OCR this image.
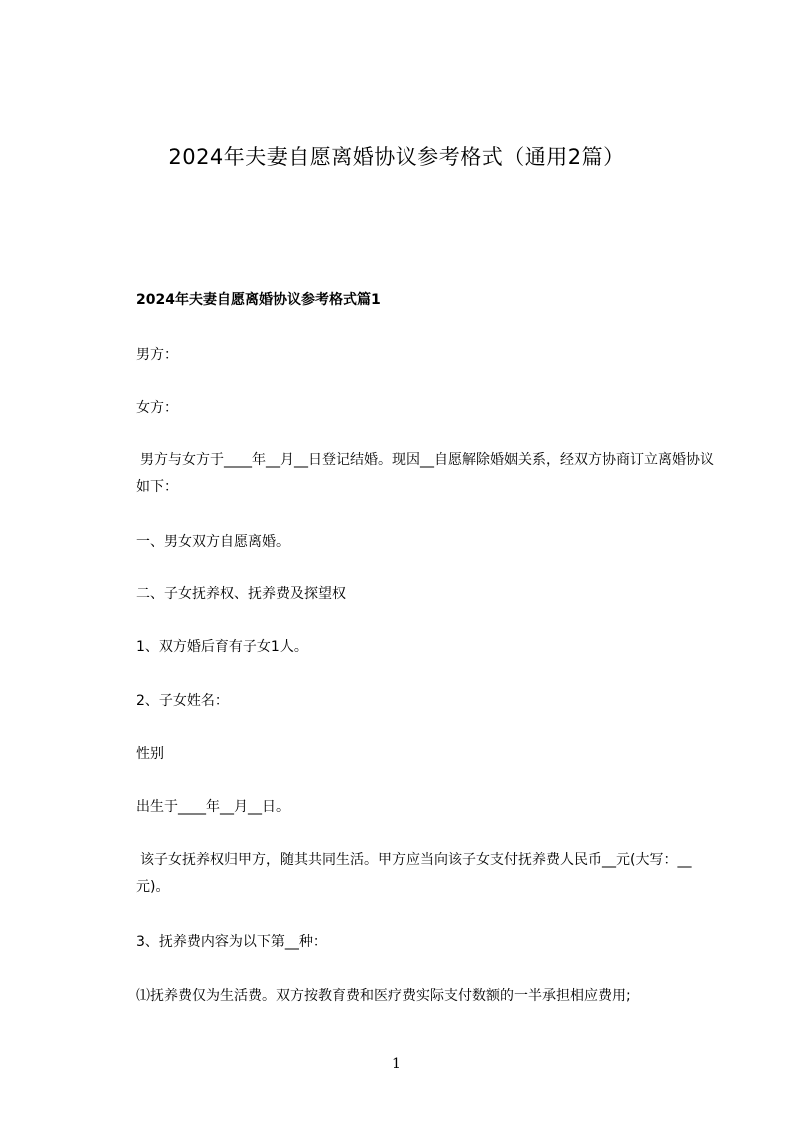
2024年夫妻自愿离婚协议参考格式（通用2篇）
2024年夫妻自愿离婚协议参考格式篇1
男方：
女方：
男方与女方于____年__月__日登记结婚。现因__自愿解除婚姻关系，经双方协商订立离婚协议如下：
一、男女双方自愿离婚。
二、子女抚养权、抚养费及探望权
1、双方婚后育有子女1人。
2、子女姓名：
性别
出生于____年__月__日。
该子女抚养权归甲方，随其共同生活。甲方应当向该子女支付抚养费人民币__元(大写：__元)。
3、抚养费内容为以下第__种：
⑴抚养费仅为生活费。双方按教育费和医疗费实际支付数额的一半承担相应费用;
1
